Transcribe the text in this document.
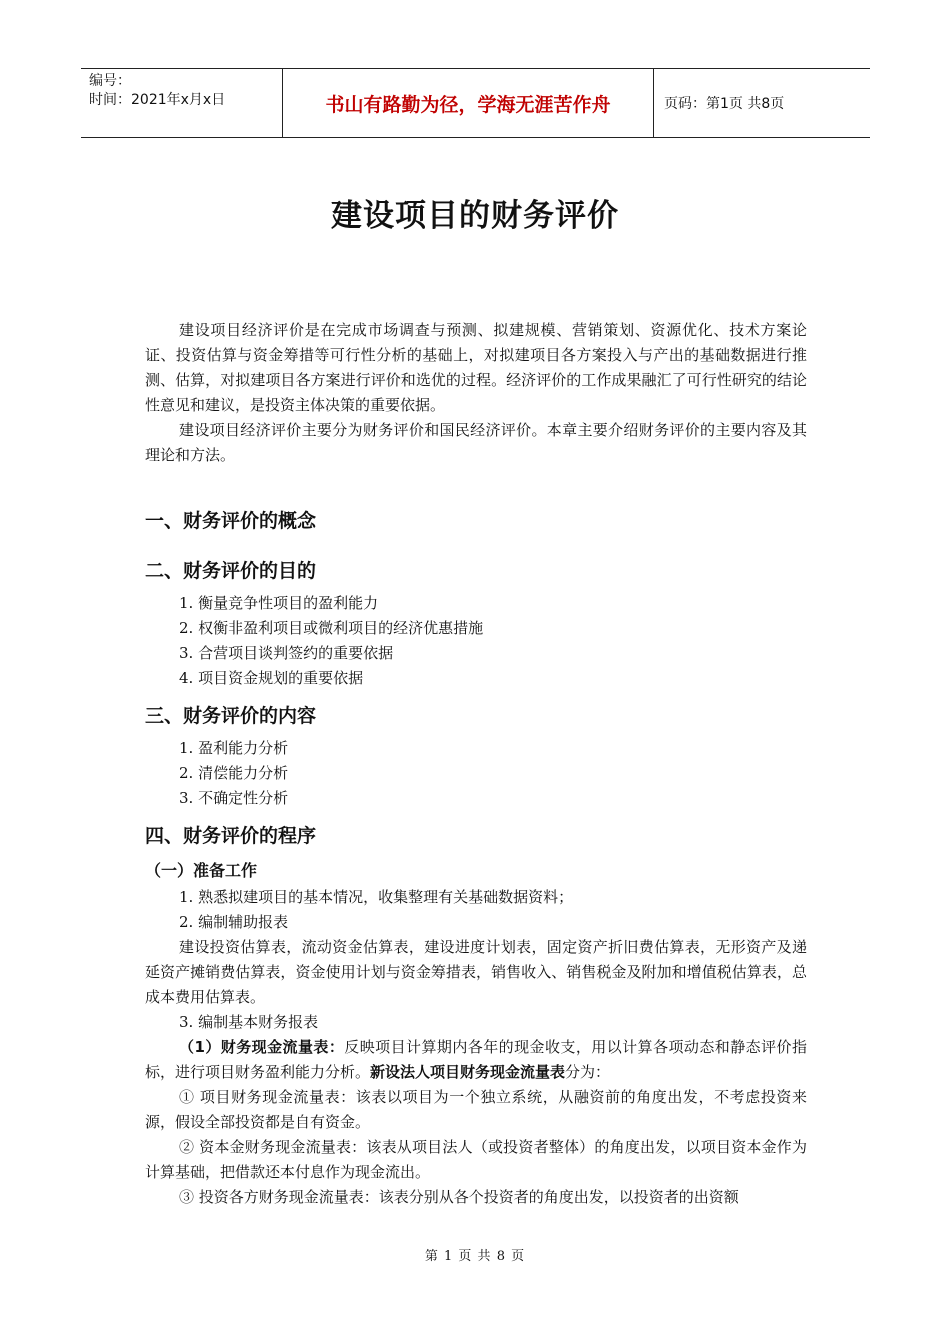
编号：
时间：2021年x月x日	书山有路勤为径，学海无涯苦作舟	页码：第1页 共8页
建设项目的财务评价

建设项目经济评价是在完成市场调查与预测、拟建规模、营销策划、资源优化、技术方案论证、投资估算与资金筹措等可行性分析的基础上，对拟建项目各方案投入与产出的基础数据进行推测、估算，对拟建项目各方案进行评价和选优的过程。经济评价的工作成果融汇了可行性研究的结论性意见和建议，是投资主体决策的重要依据。

建设项目经济评价主要分为财务评价和国民经济评价。本章主要介绍财务评价的主要内容及其理论和方法。

一、财务评价的概念

二、财务评价的目的

1. 衡量竞争性项目的盈利能力

2. 权衡非盈利项目或微利项目的经济优惠措施

3. 合营项目谈判签约的重要依据

4. 项目资金规划的重要依据

三、财务评价的内容

1. 盈利能力分析

2. 清偿能力分析

3. 不确定性分析

四、财务评价的程序

（一）准备工作

1. 熟悉拟建项目的基本情况，收集整理有关基础数据资料；

2. 编制辅助报表

建设投资估算表，流动资金估算表，建设进度计划表，固定资产折旧费估算表，无形资产及递延资产摊销费估算表，资金使用计划与资金筹措表，销售收入、销售税金及附加和增值税估算表，总成本费用估算表。

3. 编制基本财务报表

（1）财务现金流量表：反映项目计算期内各年的现金收支，用以计算各项动态和静态评价指标，进行项目财务盈利能力分析。新设法人项目财务现金流量表分为：

① 项目财务现金流量表：该表以项目为一个独立系统，从融资前的角度出发，不考虑投资来源，假设全部投资都是自有资金。

② 资本金财务现金流量表：该表从项目法人（或投资者整体）的角度出发，以项目资本金作为计算基础，把借款还本付息作为现金流出。

③ 投资各方财务现金流量表：该表分别从各个投资者的角度出发，以投资者的出资额

第 1 页 共 8 页
